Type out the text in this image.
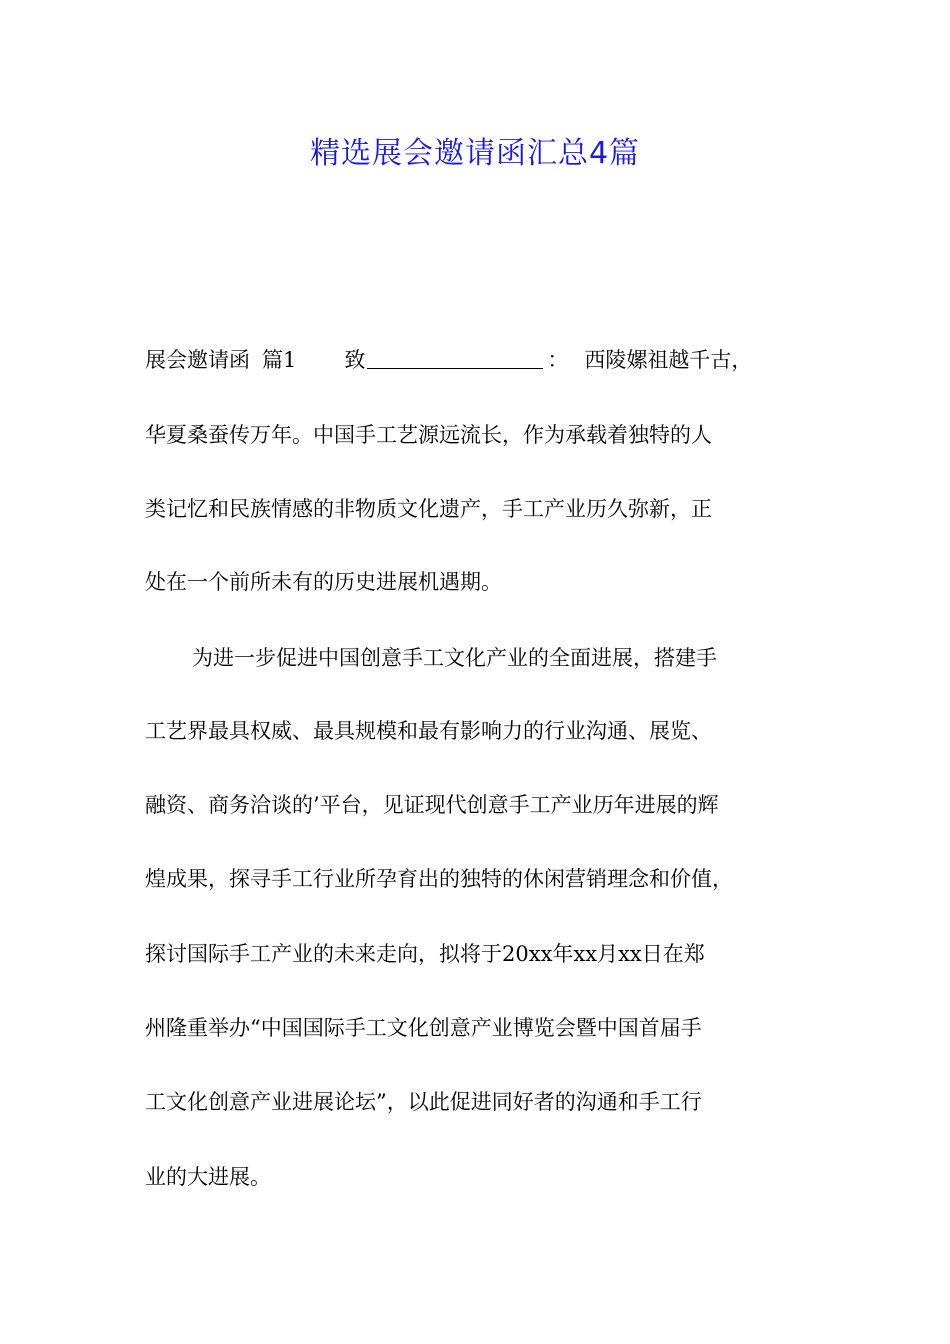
精选展会邀请函汇总4篇
展会邀请函 篇1 致	： 西陵嫘祖越千古，
华夏桑蚕传万年。中国手工艺源远流长，作为承载着独特的人
类记忆和民族情感的非物质文化遗产，手工产业历久弥新，正
处在一个前所未有的历史进展机遇期。
为进一步促进中国创意手工文化产业的全面进展，搭建手
工艺界最具权威、最具规模和最有影响力的行业沟通、展览、
融资、商务洽谈的’平台，见证现代创意手工产业历年进展的辉
煌成果，探寻手工行业所孕育出的独特的休闲营销理念和价值，
探讨国际手工产业的未来走向，拟将于20xx年xx月xx日在郑
州隆重举办“中国国际手工文化创意产业博览会暨中国首届手
工文化创意产业进展论坛”，以此促进同好者的沟通和手工行
业的大进展。
